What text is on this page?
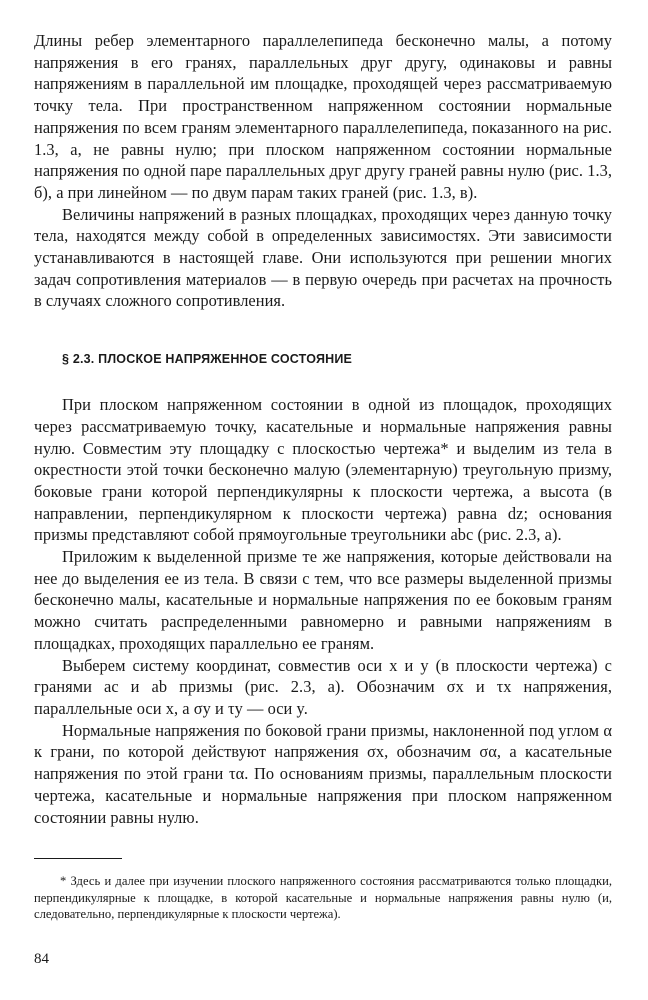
Длины ребер элементарного параллелепипеда бесконечно малы, а потому напряжения в его гранях, параллельных друг другу, одинаковы и равны напряжениям в параллельной им площадке, проходящей через рассматриваемую точку тела. При пространственном напряженном состоянии нормальные напряжения по всем граням элементарного параллелепипеда, показанного на рис. 1.3, а, не равны нулю; при плоском напряженном состоянии нормальные напряжения по одной паре параллельных друг другу граней равны нулю (рис. 1.3, б), а при линейном — по двум парам таких граней (рис. 1.3, в).

Величины напряжений в разных площадках, проходящих через данную точку тела, находятся между собой в определенных зависимостях. Эти зависимости устанавливаются в настоящей главе. Они используются при решении многих задач сопротивления материалов — в первую очередь при расчетах на прочность в случаях сложного сопротивления.

§ 2.3. ПЛОСКОЕ НАПРЯЖЕННОЕ СОСТОЯНИЕ

При плоском напряженном состоянии в одной из площадок, проходящих через рассматриваемую точку, касательные и нормальные напряжения равны нулю. Совместим эту площадку с плоскостью чертежа* и выделим из тела в окрестности этой точки бесконечно малую (элементарную) треугольную призму, боковые грани которой перпендикулярны к плоскости чертежа, а высота (в направлении, перпендикулярном к плоскости чертежа) равна dz; основания призмы представляют собой прямоугольные треугольники abc (рис. 2.3, а).

Приложим к выделенной призме те же напряжения, которые действовали на нее до выделения ее из тела. В связи с тем, что все размеры выделенной призмы бесконечно малы, касательные и нормальные напряжения по ее боковым граням можно считать распределенными равномерно и равными напряжениям в площадках, проходящих параллельно ее граням.

Выберем систему координат, совместив оси x и y (в плоскости чертежа) с гранями ac и ab призмы (рис. 2.3, а). Обозначим σx и τx напряжения, параллельные оси x, а σy и τy — оси y.

Нормальные напряжения по боковой грани призмы, наклоненной под углом α к грани, по которой действуют напряжения σx, обозначим σα, а касательные напряжения по этой грани τα. По основаниям призмы, параллельным плоскости чертежа, касательные и нормальные напряжения при плоском напряженном состоянии равны нулю.

* Здесь и далее при изучении плоского напряженного состояния рассматриваются только площадки, перпендикулярные к площадке, в которой касательные и нормальные напряжения равны нулю (и, следовательно, перпендикулярные к плоскости чертежа).

84
